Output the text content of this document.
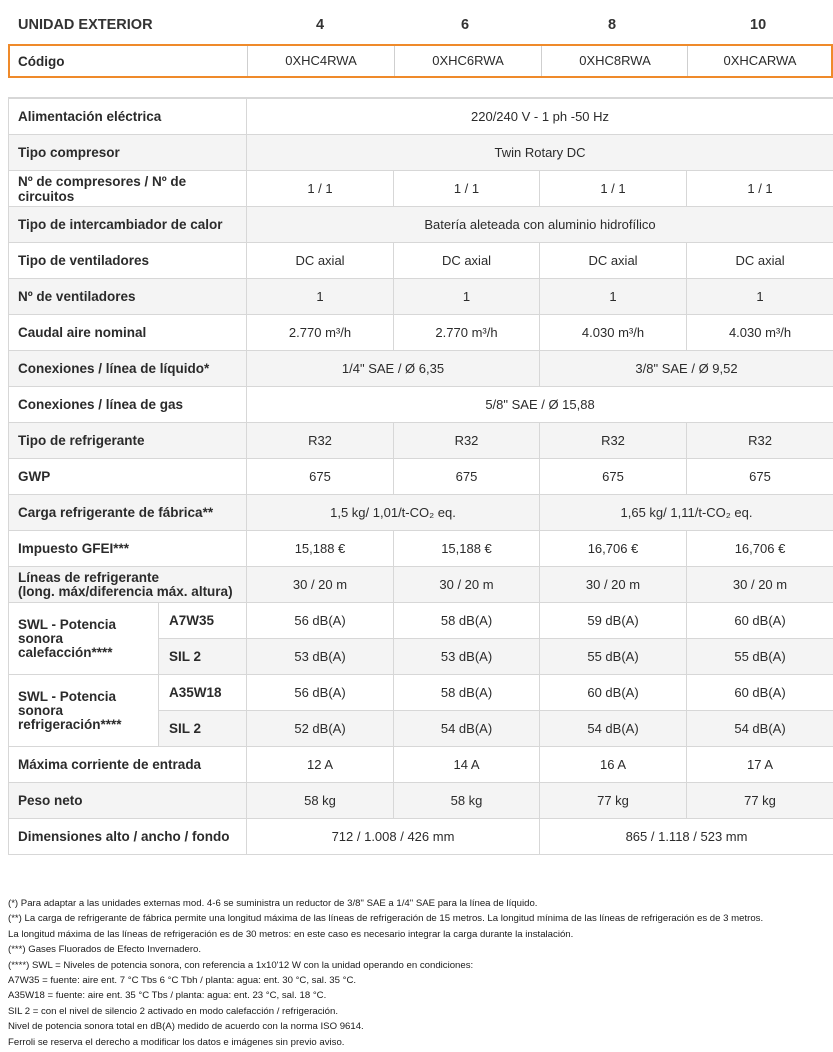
UNIDAD EXTERIOR	4	6	8	10
Código	0XHC4RWA	0XHC6RWA	0XHC8RWA	0XHCARWA
Alimentación eléctrica		220/240 V - 1 ph -50 Hz			
Tipo compresor		Twin Rotary DC			
Nº de compresores / Nº de circuitos		1 / 1	1 / 1	1 / 1	1 / 1
Tipo de intercambiador de calor		Batería aleteada con aluminio hidrofílico			
Tipo de ventiladores		DC axial	DC axial	DC axial	DC axial
Nº de ventiladores		1	1	1	1
Caudal aire nominal		2.770 m³/h	2.770 m³/h	4.030 m³/h	4.030 m³/h
Conexiones / línea de líquido*		1/4" SAE / Ø 6,35		3/8" SAE / Ø 9,52	
Conexiones / línea de gas		5/8" SAE / Ø 15,88			
Tipo de refrigerante		R32	R32	R32	R32
GWP		675	675	675	675
Carga refrigerante de fábrica**		1,5 kg/ 1,01/t-CO₂ eq.		1,65 kg/ 1,11/t-CO₂ eq.	
Impuesto GFEI***		15,188 €	15,188 €	16,706 €	16,706 €

Líneas de refrigerante
(long. máx/diferencia máx. altura)		30 / 20 m	30 / 20 m	30 / 20 m	30 / 20 m

SWL - Potencia sonora
calefacción****	A7W35	56 dB(A)	58 dB(A)	59 dB(A)	60 dB(A)
	SIL 2	53 dB(A)	53 dB(A)	55 dB(A)	55 dB(A)

SWL - Potencia sonora
refrigeración****	A35W18	56 dB(A)	58 dB(A)	60 dB(A)	60 dB(A)
	SIL 2	52 dB(A)	54 dB(A)	54 dB(A)	54 dB(A)
Máxima corriente de entrada		12 A	14 A	16 A	17 A
Peso neto		58 kg	58 kg	77 kg	77 kg
Dimensiones alto / ancho / fondo		712 / 1.008 / 426 mm		865 / 1.118 / 523 mm	
(*) Para adaptar a las unidades externas mod. 4-6 se suministra un reductor de 3/8" SAE a 1/4" SAE para la línea de líquido.
(**) La carga de refrigerante de fábrica permite una longitud máxima de las líneas de refrigeración de 15 metros. La longitud mínima de las líneas de refrigeración es de 3 metros.
La longitud máxima de las líneas de refrigeración es de 30 metros: en este caso es necesario integrar la carga durante la instalación.
(***) Gases Fluorados de Efecto Invernadero.
(****) SWL = Niveles de potencia sonora, con referencia a 1x10'12 W con la unidad operando en condiciones:
A7W35 = fuente: aire ent. 7 °C Tbs 6 °C Tbh / planta: agua: ent. 30 °C, sal. 35 °C.
A35W18 = fuente: aire ent. 35 °C Tbs / planta: agua: ent. 23 °C, sal. 18 °C.
SIL 2 = con el nivel de silencio 2 activado en modo calefacción / refrigeración.
Nivel de potencia sonora total en dB(A) medido de acuerdo con la norma ISO 9614.
Ferroli se reserva el derecho a modificar los datos e imágenes sin previo aviso.
